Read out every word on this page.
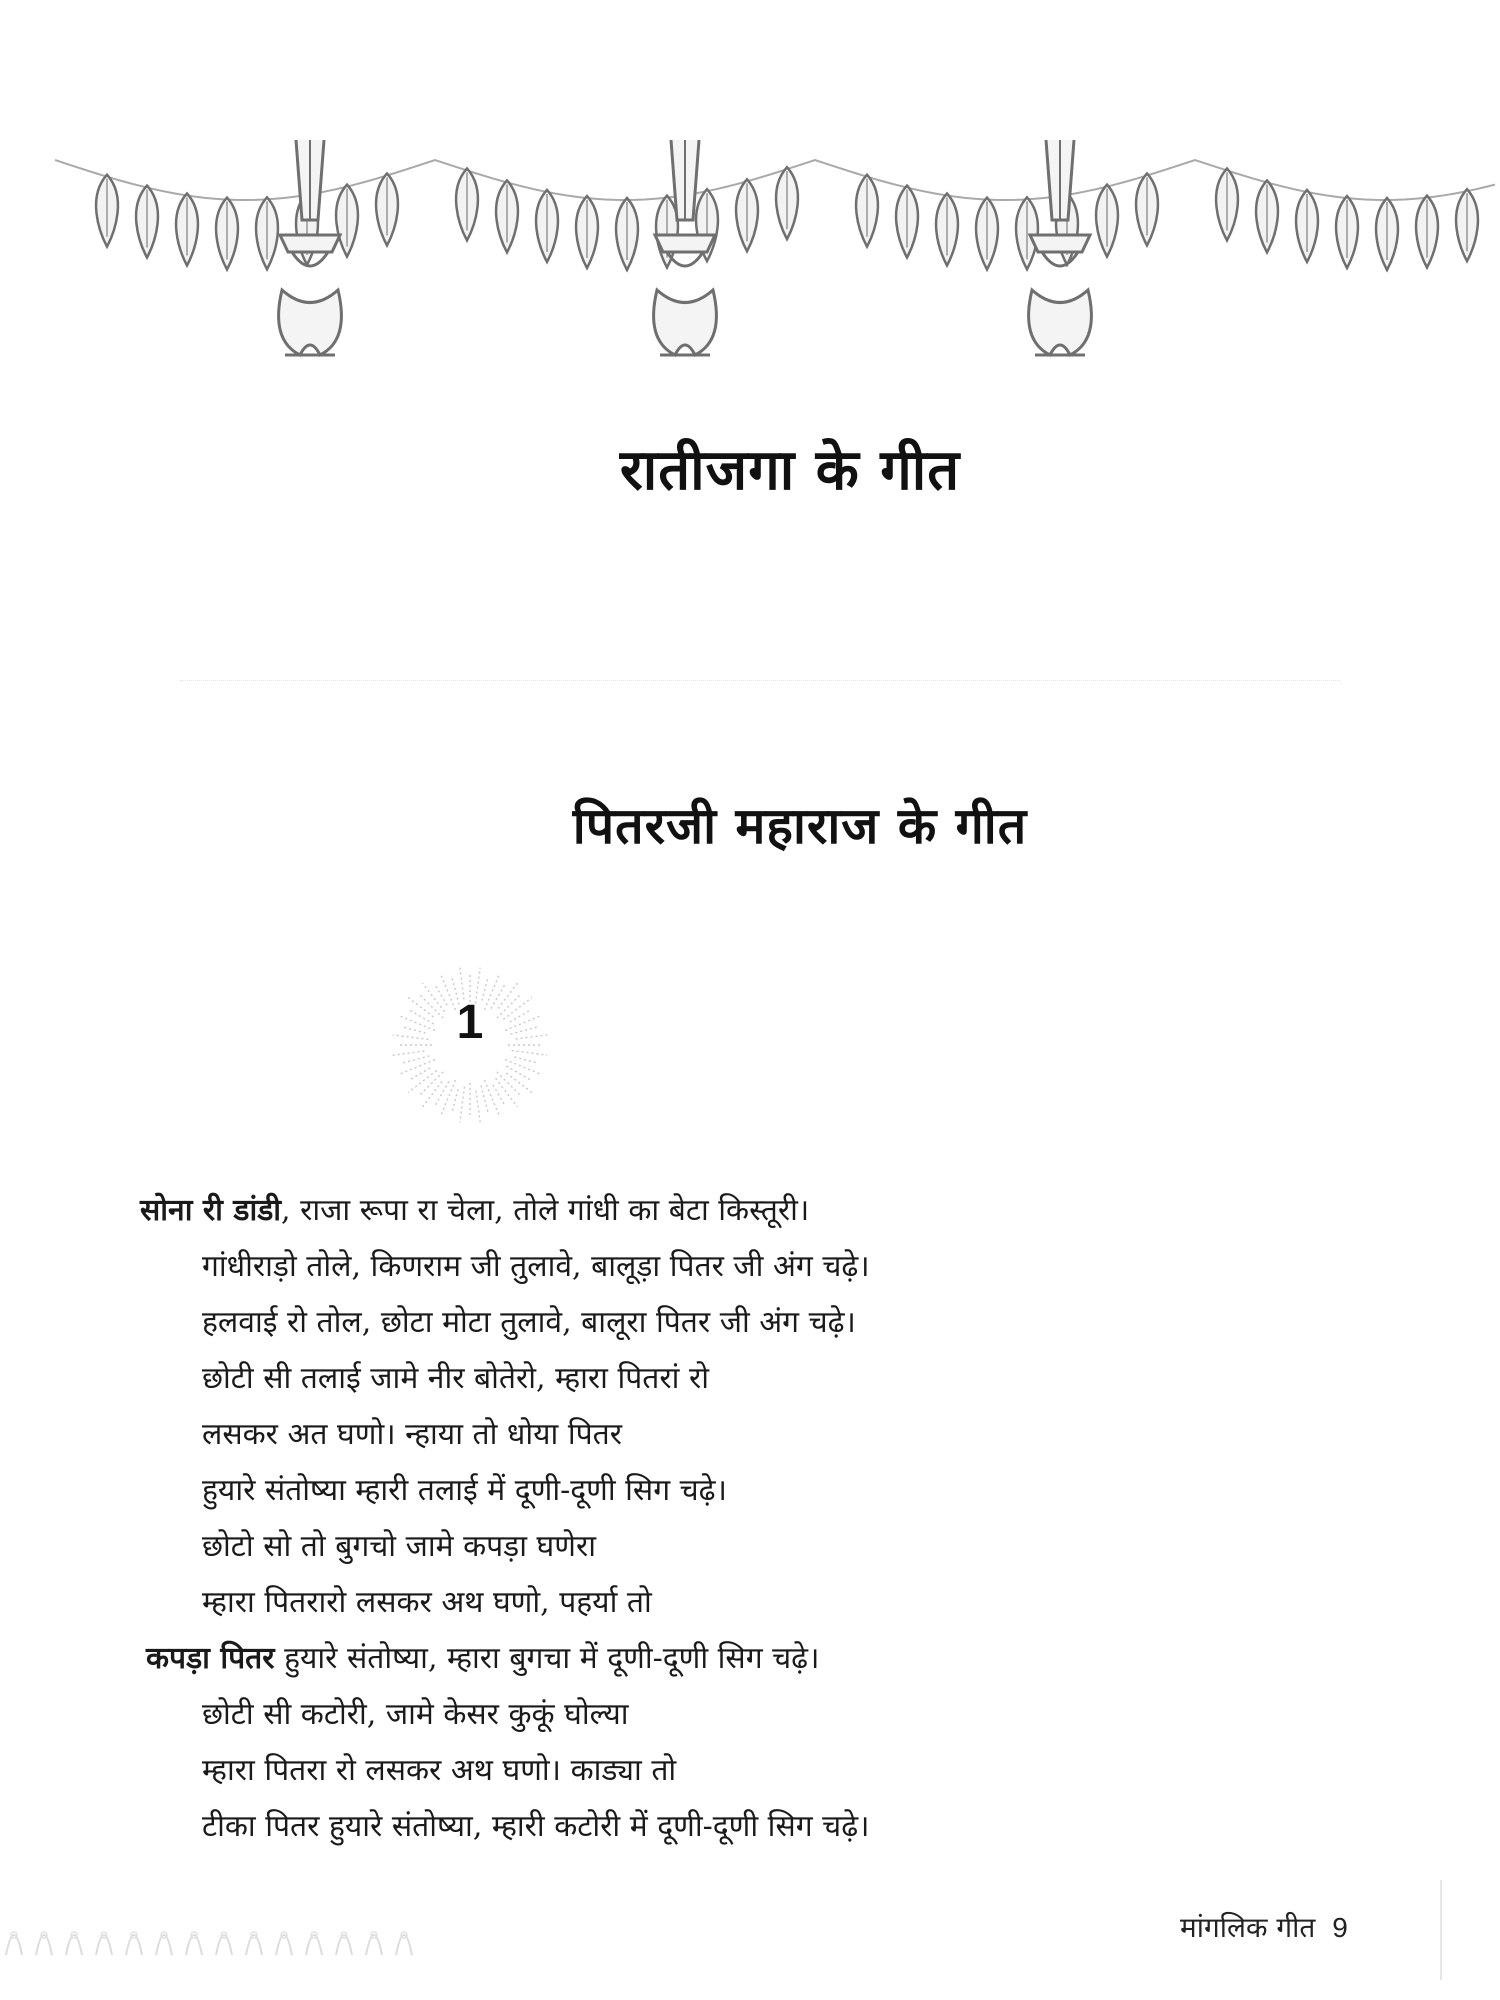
रातीजगा के गीत
पितरजी महाराज के गीत
1
सोना री डांडी, राजा रूपा रा चेला, तोले गांधी का बेटा किस्तूरी।
गांधीराड़ो तोले, किणराम जी तुलावे, बालूड़ा पितर जी अंग चढ़े।
हलवाई रो तोल, छोटा मोटा तुलावे, बालूरा पितर जी अंग चढ़े।
छोटी सी तलाई जामे नीर बोतेरो, म्हारा पितरां रो
लसकर अत घणो। न्हाया तो धोया पितर
हुयारे संतोष्या म्हारी तलाई में दूणी-दूणी सिग चढ़े।
छोटो सो तो बुगचो जामे कपड़ा घणेरा
म्हारा पितरारो लसकर अथ घणो, पहर्या तो
कपड़ा पितर हुयारे संतोष्या, म्हारा बुगचा में दूणी-दूणी सिग चढ़े।
छोटी सी कटोरी, जामे केसर कुकूं घोल्या
म्हारा पितरा रो लसकर अथ घणो। काड्या तो
टीका पितर हुयारे संतोष्या, म्हारी कटोरी में दूणी-दूणी सिग चढ़े।
मांगलिक गीत 9
